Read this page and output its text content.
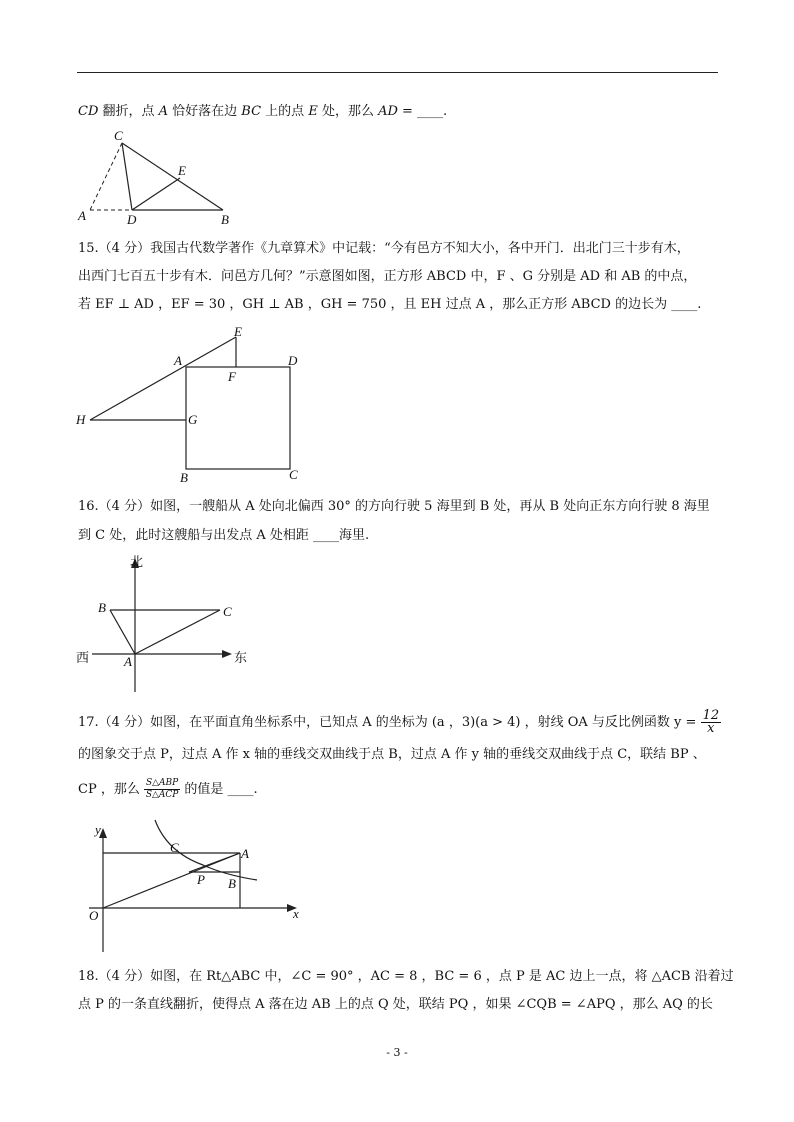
CD 翻折，点 A 恰好落在边 BC 上的点 E 处，那么 AD = ____.
C
E
A	D	B
15.（4 分）我国古代数学著作《九章算术》中记载：“今有邑方不知大小，各中开门．出北门三十步有木，
出西门七百五十步有木．问邑方几何？”示意图如图，正方形 ABCD 中，F 、G 分别是 AD 和 AB 的中点，
若 EF ⊥ AD ，EF = 30 ，GH ⊥ AB ，GH = 750 ，且 EH 过点 A ，那么正方形 ABCD 的边长为 ____.
E
A	D
F
H	G
B	C
16.（4 分）如图，一艘船从 A 处向北偏西 30° 的方向行驶 5 海里到 B 处，再从 B 处向正东方向行驶 8 海里
到 C 处，此时这艘船与出发点 A 处相距 ____海里.
北
西	东
B	C
A
17.（4 分）如图，在平面直角坐标系中，已知点 A 的坐标为 (a ，3)(a > 4) ，射线 OA 与反比例函数 $y = \frac{12}{x}$
的图象交于点 P，过点 A 作 x 轴的垂线交双曲线于点 B，过点 A 作 y 轴的垂线交双曲线于点 C，联结 BP 、
CP ，那么 $\frac{\text{S△ABP}}{\text{S△ACP}}$ 的值是 ____.
y
x
O
C	A
P B
18.（4 分）如图，在 Rt△ABC 中，∠C = 90° ，AC = 8 ，BC = 6 ，点 P 是 AC 边上一点，将 △ACB 沿着过
点 P 的一条直线翻折，使得点 A 落在边 AB 上的点 Q 处，联结 PQ ，如果 ∠CQB = ∠APQ ，那么 AQ 的长
- 3 -
